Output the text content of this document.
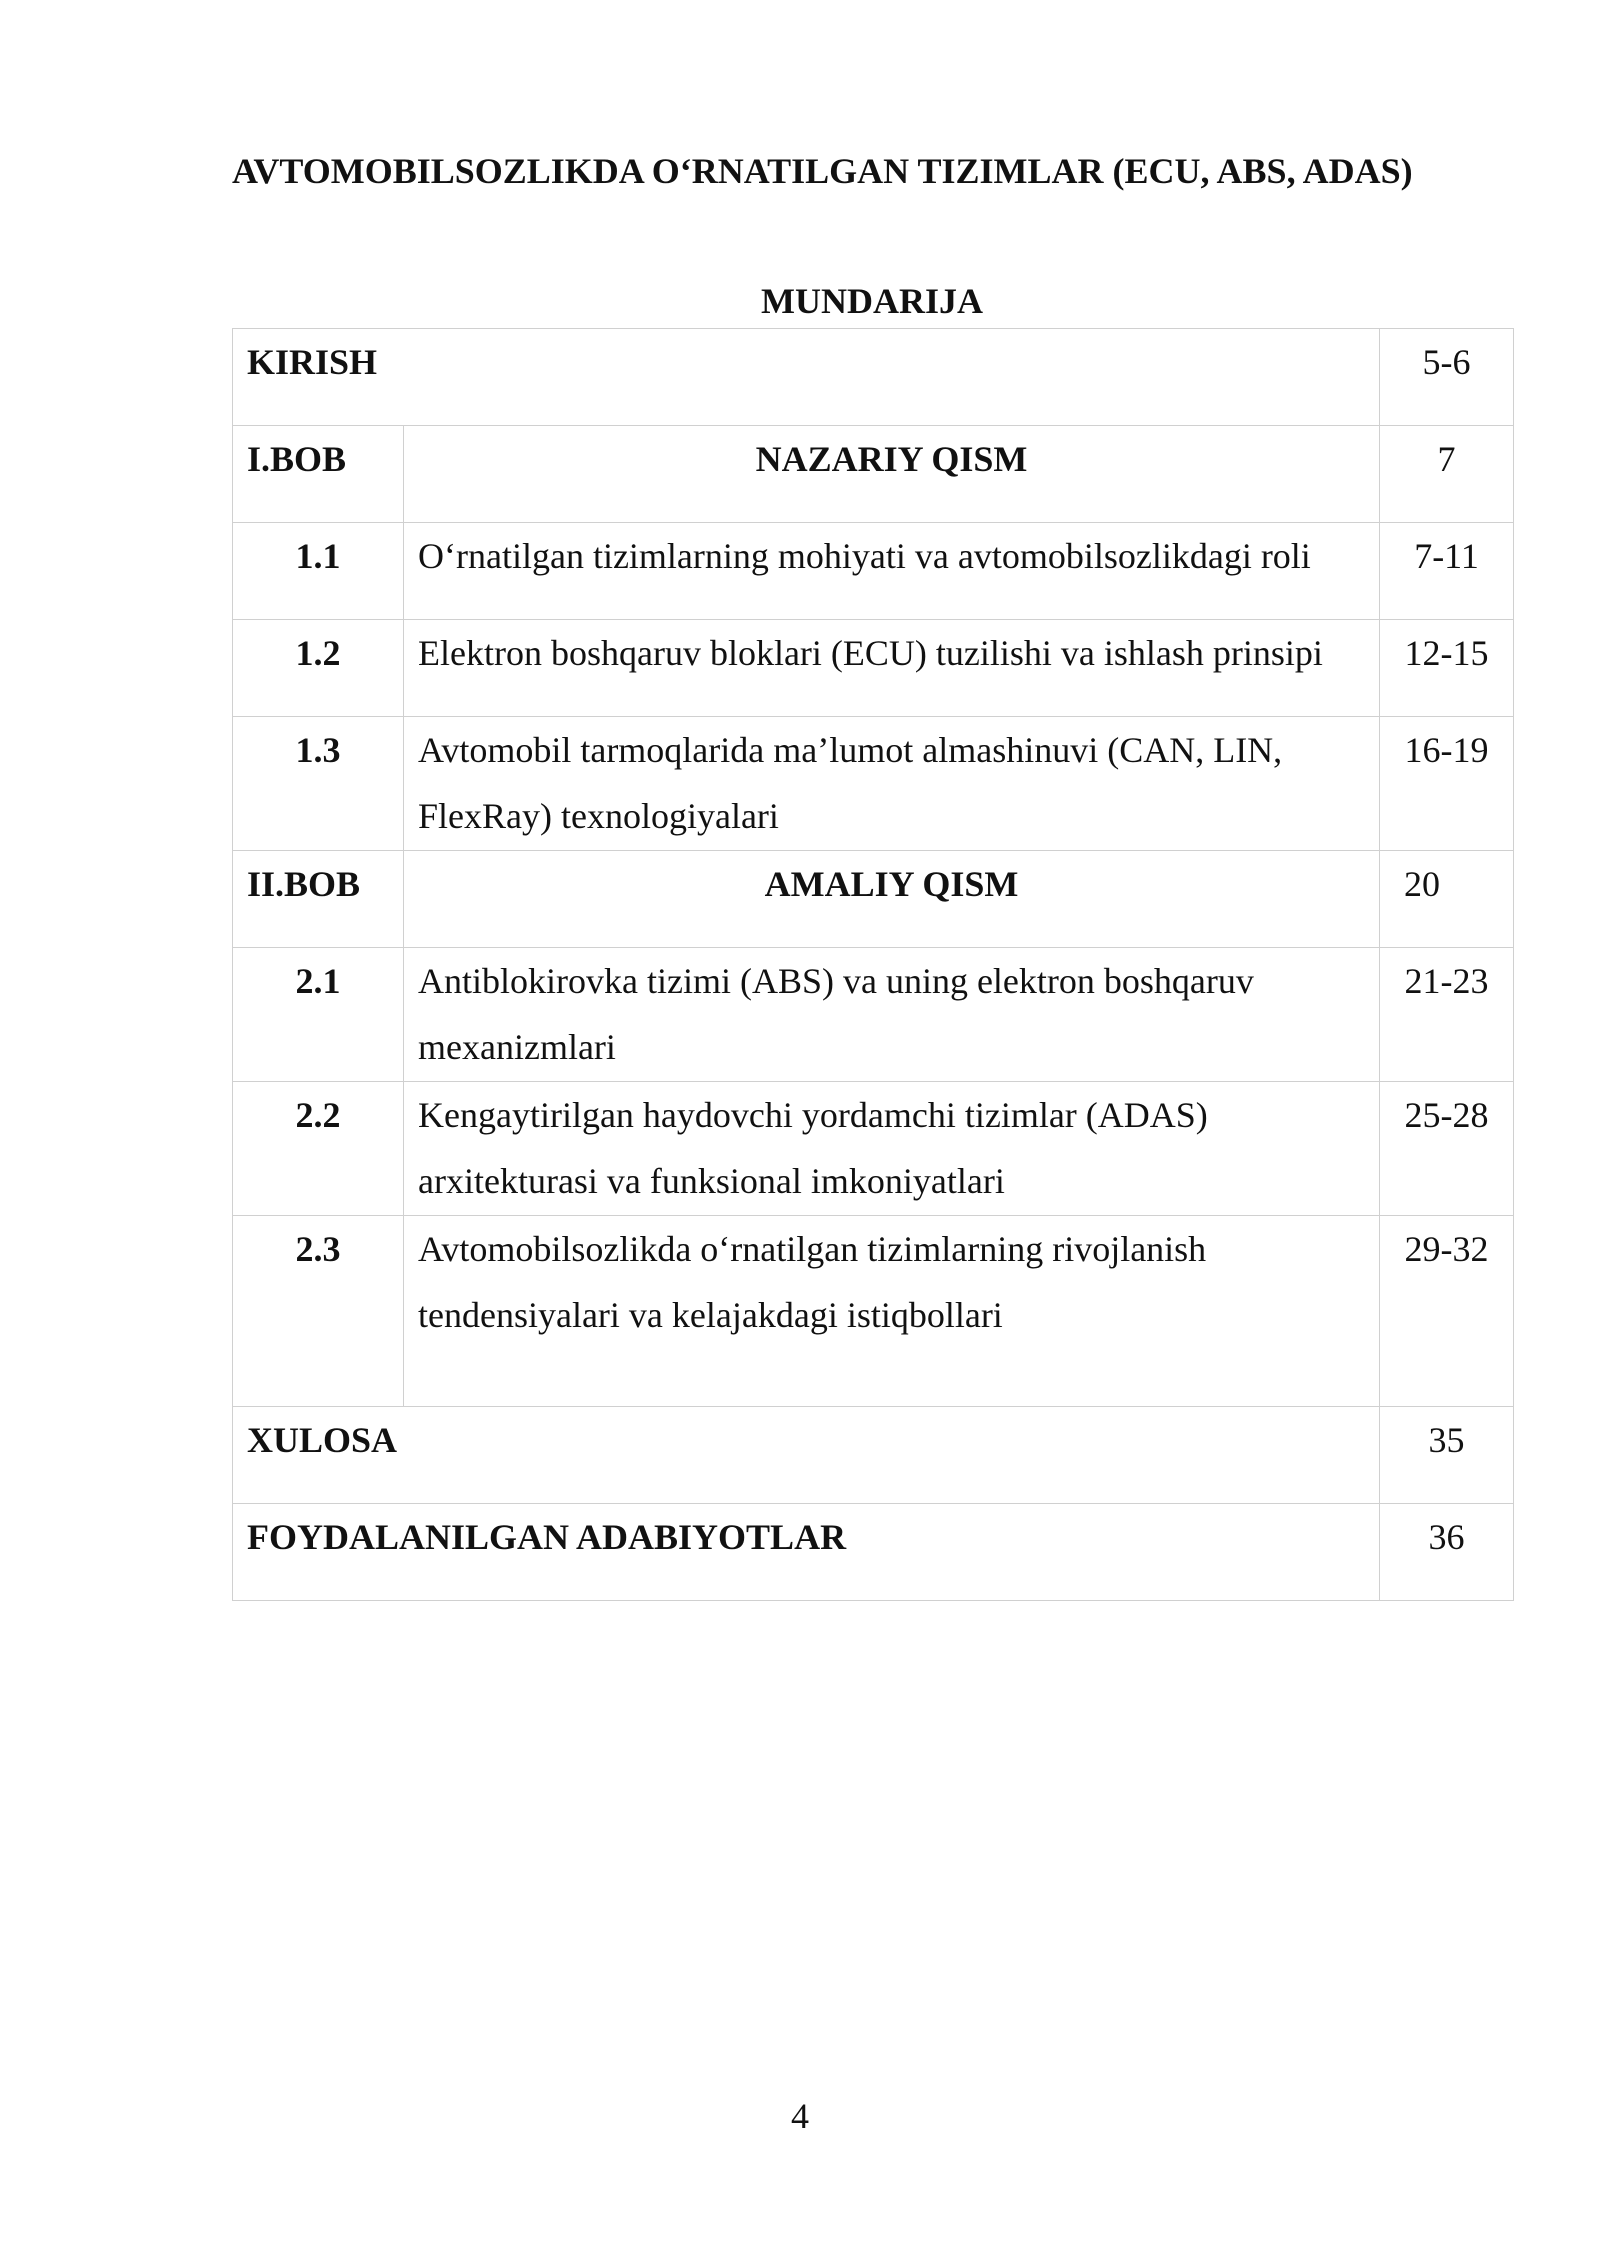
AVTOMOBILSOZLIKDA O‘RNATILGAN TIZIMLAR (ECU, ABS, ADAS)
MUNDARIJA
KIRISH		5-6
I.BOB	NAZARIY QISM	7
1.1	O‘rnatilgan tizimlarning mohiyati va avtomobilsozlikdagi roli	7-11
1.2	Elektron boshqaruv bloklari (ECU) tuzilishi va ishlash prinsipi	12-15
1.3	Avtomobil tarmoqlarida ma’lumot almashinuvi (CAN, LIN, FlexRay) texnologiyalari	16-19
II.BOB	AMALIY QISM	20
2.1	Antiblokirovka tizimi (ABS) va uning elektron boshqaruv mexanizmlari	21-23
2.2	Kengaytirilgan haydovchi yordamchi tizimlar (ADAS) arxitekturasi va funksional imkoniyatlari	25-28
2.3	Avtomobilsozlikda o‘rnatilgan tizimlarning rivojlanish tendensiyalari va kelajakdagi istiqbollari	29-32
XULOSA		35
FOYDALANILGAN ADABIYOTLAR		36

4
